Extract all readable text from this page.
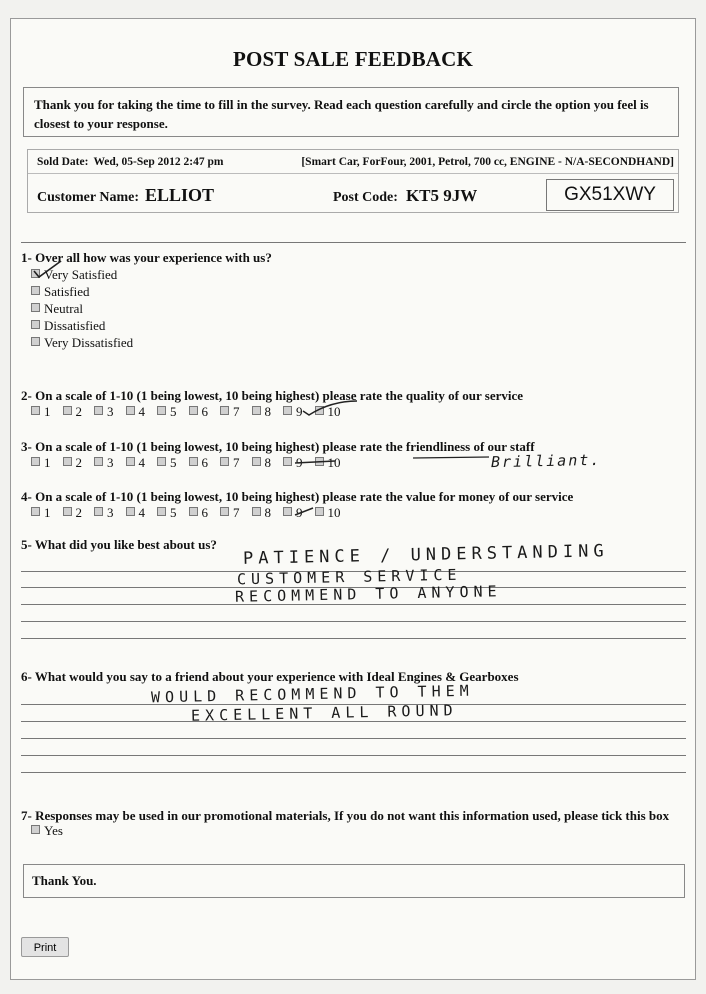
POST SALE FEEDBACK
Thank you for taking the time to fill in the survey. Read each question carefully and circle the option you feel is closest to your response.
Sold Date: Wed, 05-Sep 2012 2:47 pm	[Smart Car, ForFour, 2001, Petrol, 700 cc, ENGINE - N/A-SECONDHAND]
Customer Name: ELLIOT	Post Code: KT5 9JW	GX51XWY
1- Over all how was your experience with us?
Very Satisfied
Satisfied
Neutral
Dissatisfied
Very Dissatisfied
2- On a scale of 1-10 (1 being lowest, 10 being highest) please rate the quality of our service
1 2 3 4 5 6 7 8 9 10
3- On a scale of 1-10 (1 being lowest, 10 being highest) please rate the friendliness of our staff
1 2 3 4 5 6 7 8 9 10	Brilliant.
4- On a scale of 1-10 (1 being lowest, 10 being highest) please rate the value for money of our service
1 2 3 4 5 6 7 8 9 10
5- What did you like best about us? PATIENCE / UNDERSTANDING
CUSTOMER SERVICE
RECOMMEND TO ANYONE
6- What would you say to a friend about your experience with Ideal Engines & Gearboxes
WOULD RECOMMEND TO THEM
EXCELLENT ALL ROUND
7- Responses may be used in our promotional materials, If you do not want this information used, please tick this box
Yes
Thank You.
Print
